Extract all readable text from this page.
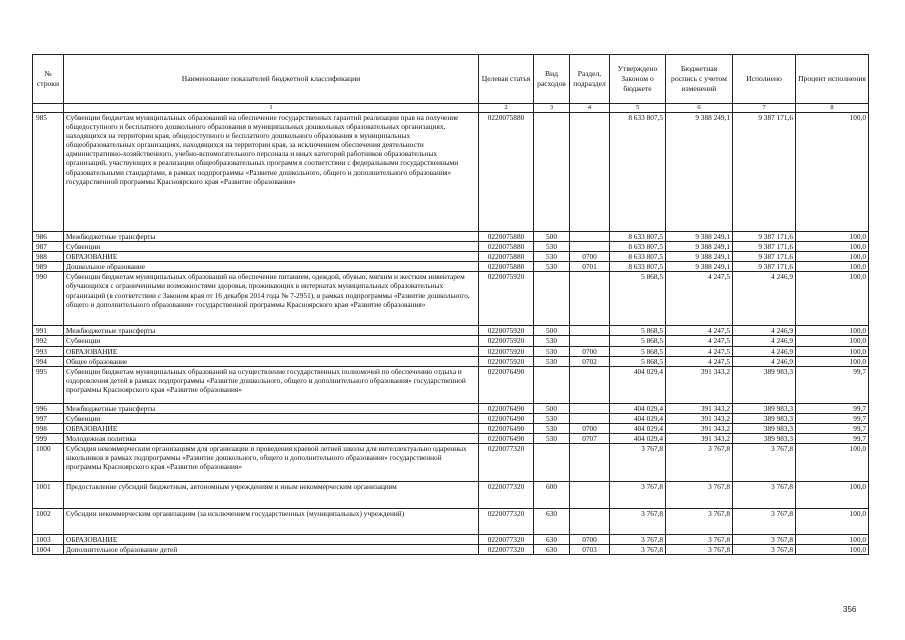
№ строки	Наименование показателей бюджетной классификации	Целевая статья	Вид расходов	Раздел, подраздел	Утверждено Законом о бюджете	Бюджетная роспись с учетом изменений	Исполнено	Процент исполнения
	1	2	3	4	5	6	7	8
985	Субвенции бюджетам муниципальных образований на обеспечение государственных гарантий реализации прав на получение общедоступного и бесплатного дошкольного образования в муниципальных дошкольных образовательных организациях, находящихся на территории края, общедоступного и бесплатного дошкольного образования в муниципальных общеобразовательных организациях, находящихся на территории края, за исключением обеспечения деятельности административно-хозяйственного, учебно-вспомогательного персонала и иных категорий работников образовательных организаций, участвующих в реализации общеобразовательных программ в соответствии с федеральными государственными образовательными стандартами, в рамках подпрограммы «Развитие дошкольного, общего и дополнительного образования» государственной программы Красноярского края «Развитие образования»	0220075880			8 633 807,5	9 388 249,1	9 387 171,6	100,0
986	Межбюджетные трансферты	0220075880	500		8 633 807,5	9 388 249,1	9 387 171,6	100,0
987	Субвенции	0220075880	530		8 633 807,5	9 388 249,1	9 387 171,6	100,0
988	ОБРАЗОВАНИЕ	0220075880	530	0700	8 633 807,5	9 388 249,1	9 387 171,6	100,0
989	Дошкольное образование	0220075880	530	0701	8 633 807,5	9 388 249,1	9 387 171,6	100,0
990	Субвенции бюджетам муниципальных образований на обеспечение питанием, одеждой, обувью, мягким и жестким инвентарем обучающихся с ограниченными возможностями здоровья, проживающих в интернатах муниципальных образовательных организаций (в соответствии с Законом края от 16 декабря 2014 года № 7-2951), в рамках подпрограммы «Развитие дошкольного, общего и дополнительного образования» государственной программы Красноярского края «Развитие образования»	0220075920			5 868,5	4 247,5	4 246,9	100,0
991	Межбюджетные трансферты	0220075920	500		5 868,5	4 247,5	4 246,9	100,0
992	Субвенции	0220075920	530		5 868,5	4 247,5	4 246,9	100,0
993	ОБРАЗОВАНИЕ	0220075920	530	0700	5 868,5	4 247,5	4 246,9	100,0
994	Общее образование	0220075920	530	0702	5 868,5	4 247,5	4 246,9	100,0
995	Субвенции бюджетам муниципальных образований на осуществление государственных полномочий по обеспечению отдыха и оздоровления детей в рамках подпрограммы «Развитие дошкольного, общего и дополнительного образования» государственной программы Красноярского края «Развитие образования»	0220076490			404 029,4	391 343,2	389 983,3	99,7
996	Межбюджетные трансферты	0220076490	500		404 029,4	391 343,2	389 983,3	99,7
997	Субвенции	0220076490	530		404 029,4	391 343,2	389 983,3	99,7
998	ОБРАЗОВАНИЕ	0220076490	530	0700	404 029,4	391 343,2	389 983,3	99,7
999	Молодежная политика	0220076490	530	0707	404 029,4	391 343,2	389 983,3	99,7
1000	Субсидия некоммерческим организациям для организации и проведения краевой летней школы для интеллектуально одаренных школьников в рамках подпрограммы «Развитие дошкольного, общего и дополнительного образования» государственной программы Красноярского края «Развитие образования»	0220077320			3 767,8	3 767,8	3 767,8	100,0
1001	Предоставление субсидий бюджетным, автономным учреждениям и иным некоммерческим организациям	0220077320	600		3 767,8	3 767,8	3 767,8	100,0
1002	Субсидии некоммерческим организациям (за исключением государственных (муниципальных) учреждений)	0220077320	630		3 767,8	3 767,8	3 767,8	100,0
1003	ОБРАЗОВАНИЕ	0220077320	630	0700	3 767,8	3 767,8	3 767,8	100,0
1004	Дополнительное образование детей	0220077320	630	0703	3 767,8	3 767,8	3 767,8	100,0
356
